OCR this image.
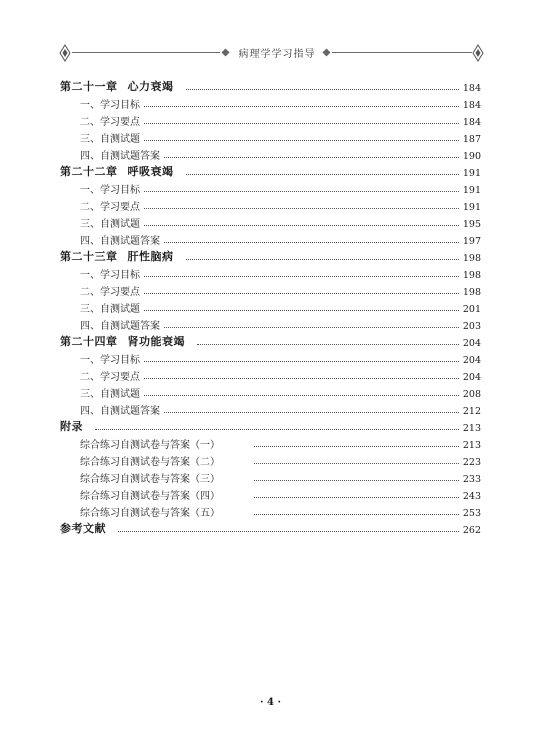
病理学学习指导
第二十一章 心力衰竭	184
一、学习目标	184
二、学习要点	184
三、自测试题	187
四、自测试题答案	190
第二十二章 呼吸衰竭	191
一、学习目标	191
二、学习要点	191
三、自测试题	195
四、自测试题答案	197
第二十三章 肝性脑病	198
一、学习目标	198
二、学习要点	198
三、自测试题	201
四、自测试题答案	203
第二十四章 肾功能衰竭	204
一、学习目标	204
二、学习要点	204
三、自测试题	208
四、自测试题答案	212
附录	213
综合练习自测试卷与答案（一）	213
综合练习自测试卷与答案（二）	223
综合练习自测试卷与答案（三）	233
综合练习自测试卷与答案（四）	243
综合练习自测试卷与答案（五）	253
参考文献	262
· 4 ·
